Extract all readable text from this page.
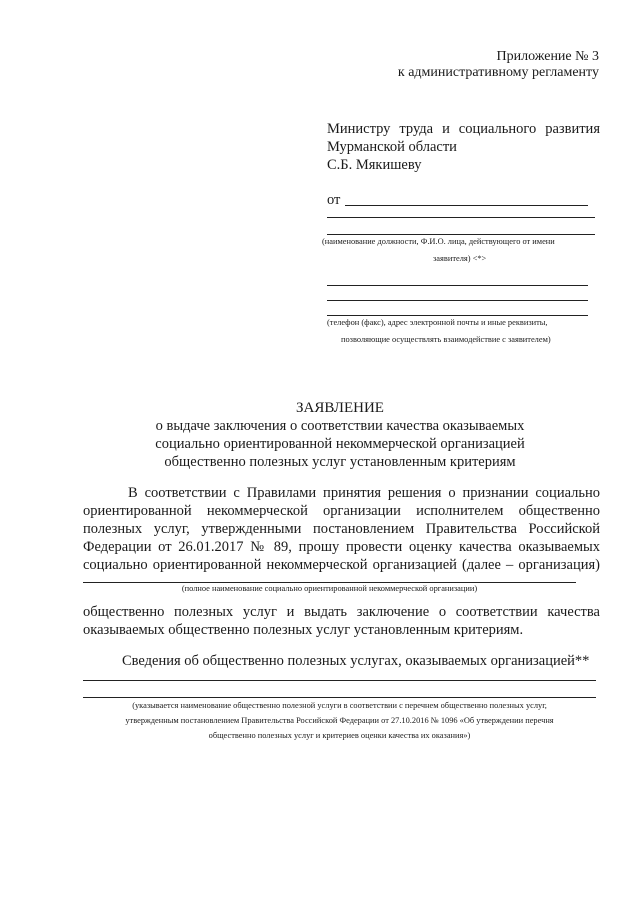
Приложение № 3
к административному регламенту
Министру труда и социального развития
Мурманской области
С.Б. Мякишеву
от
(наименование должности, Ф.И.О. лица, действующего от имени
заявителя) <*>
(телефон (факс), адрес электронной почты и иные реквизиты,
позволяющие осуществлять взаимодействие с заявителем)
ЗАЯВЛЕНИЕ
о выдаче заключения о соответствии качества оказываемых
социально ориентированной некоммерческой организацией
общественно полезных услуг установленным критериям
В соответствии с Правилами принятия решения о признании социально
ориентированной некоммерческой организации исполнителем общественно
полезных услуг, утвержденными постановлением Правительства Российской
Федерации от 26.01.2017 № 89, прошу провести оценку качества оказываемых
социально ориентированной некоммерческой организацией (далее – организация)
(полное наименование социально ориентированной некоммерческой организации)
общественно полезных услуг и выдать заключение о соответствии качества
оказываемых общественно полезных услуг установленным критериям.
Сведения об общественно полезных услугах, оказываемых организацией**
(указывается наименование общественно полезной услуги в соответствии с перечнем общественно полезных услуг,
утвержденным постановлением Правительства Российской Федерации от 27.10.2016 № 1096 «Об утверждении перечня
общественно полезных услуг и критериев оценки качества их оказания»)
